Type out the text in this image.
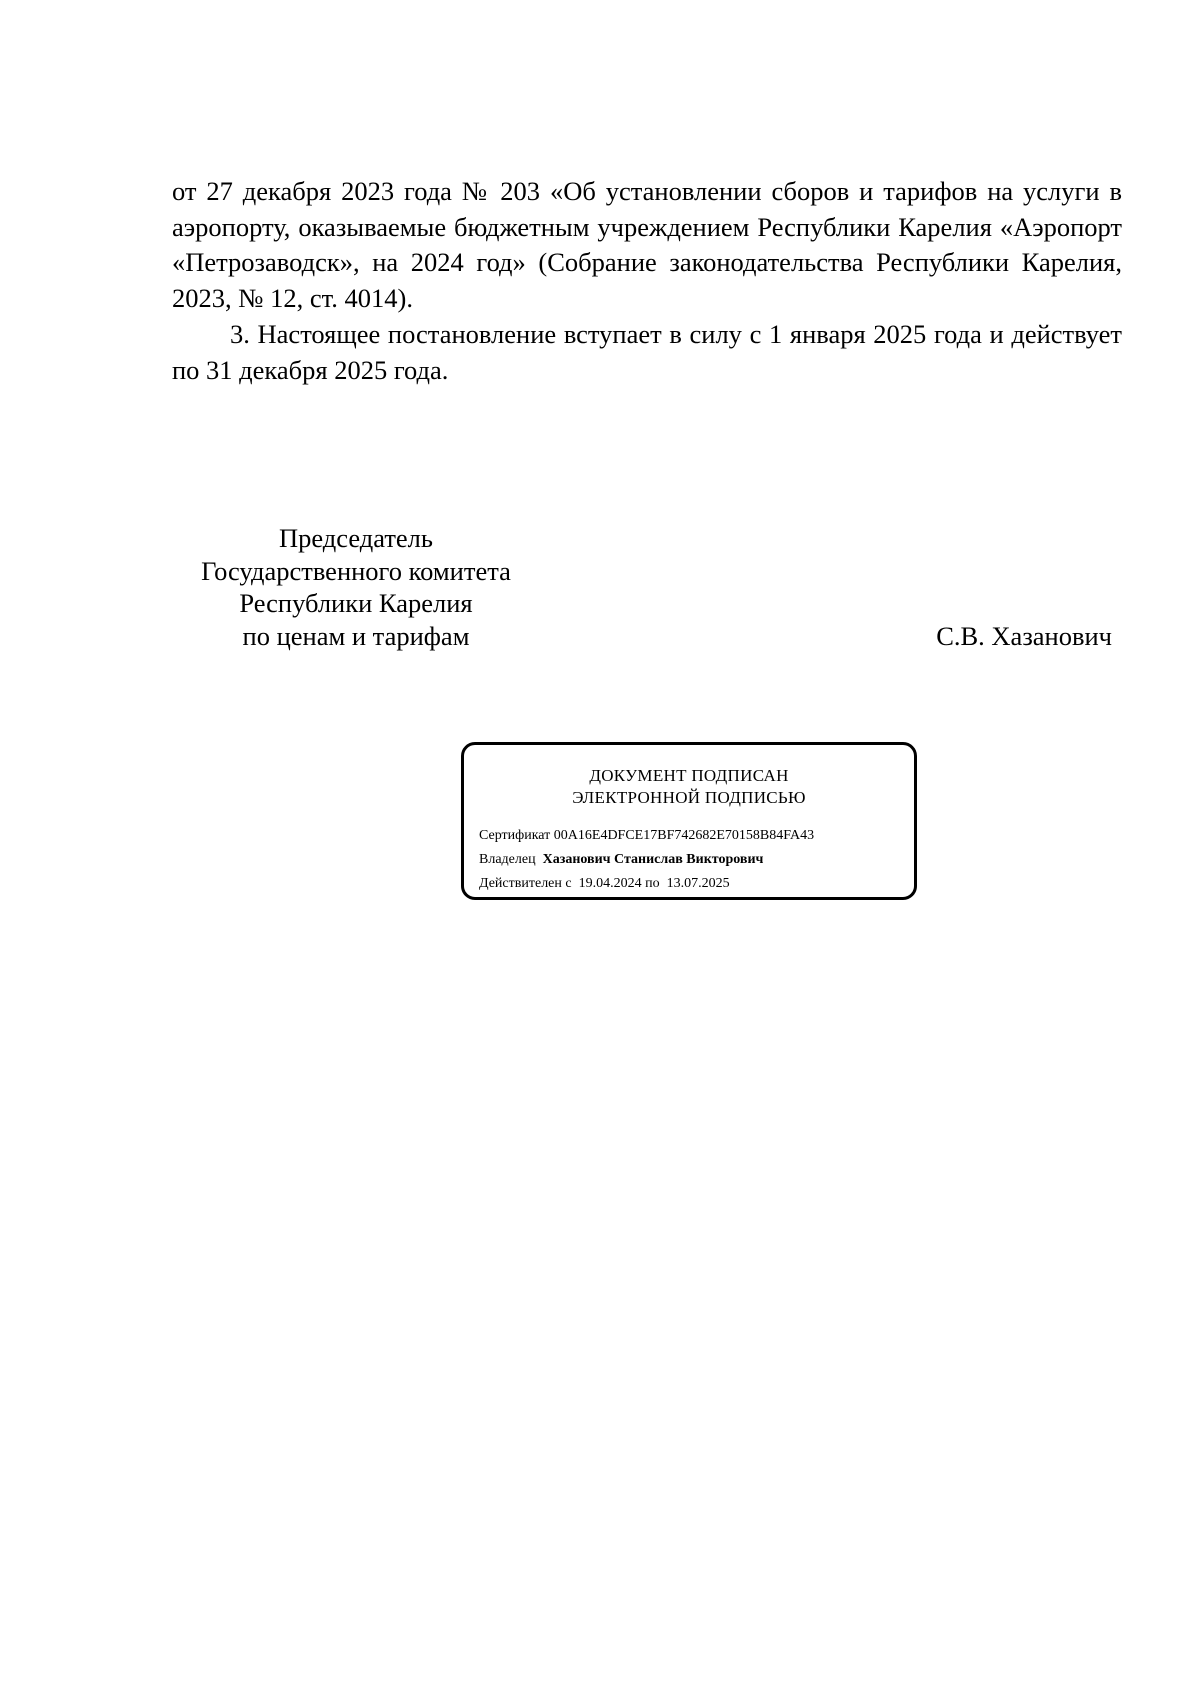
от 27 декабря 2023 года № 203 «Об установлении сборов и тарифов на услуги в аэропорту, оказываемые бюджетным учреждением Республики Карелия «Аэропорт «Петрозаводск», на 2024 год» (Собрание законодательства Республики Карелия, 2023, № 12, ст. 4014).

3. Настоящее постановление вступает в силу с 1 января 2025 года и действует по 31 декабря 2025 года.

Председатель
Государственного комитета
Республики Карелия
по ценам и тарифам	С.В. Хазанович
ДОКУМЕНТ ПОДПИСАН
ЭЛЕКТРОННОЙ ПОДПИСЬЮ
Сертификат 00A16E4DFCE17BF742682E70158B84FA43
Владелец Хазанович Станислав Викторович
Действителен с 19.04.2024 по 13.07.2025
